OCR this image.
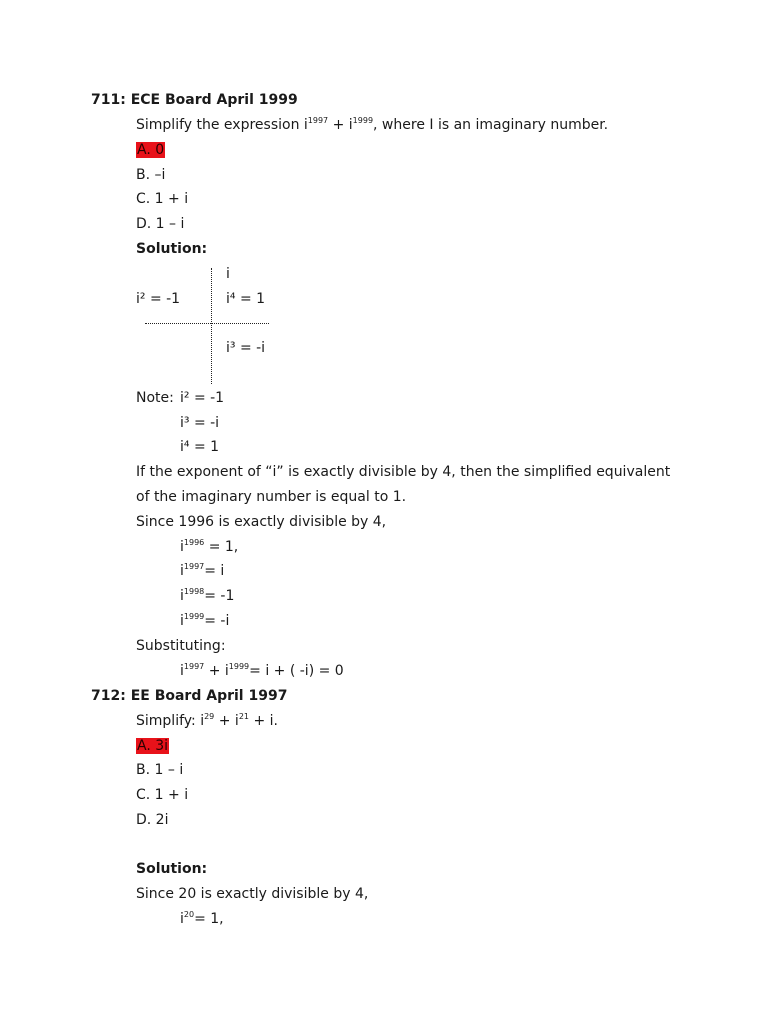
711: ECE Board April 1999
Simplify the expression $i^{1997} + i^{1999}$, where I is an imaginary number.
A. 0
B. –i
C. 1 + i
D. 1 – i
Solution:
i
i² = -1	i⁴ = 1
i³ = -i
Note: i² = -1
i³ = -i
i⁴ = 1
If the exponent of “i” is exactly divisible by 4, then the simplified equivalent
of the imaginary number is equal to 1.
Since 1996 is exactly divisible by 4,
$i^{1996} = 1$,
$i^{1997}= i$
$i^{1998}= -1$
$i^{1999}= -i$
Substituting:
$i^{1997} + i^{1999}= i$ + ( -i) = 0
712: EE Board April 1997
Simplify: $i^{29} + i^{21} + i$.
A. 3i
B. 1 – i
C. 1 + i
D. 2i
Solution:
Since 20 is exactly divisible by 4,
$i^{20}= 1$,
